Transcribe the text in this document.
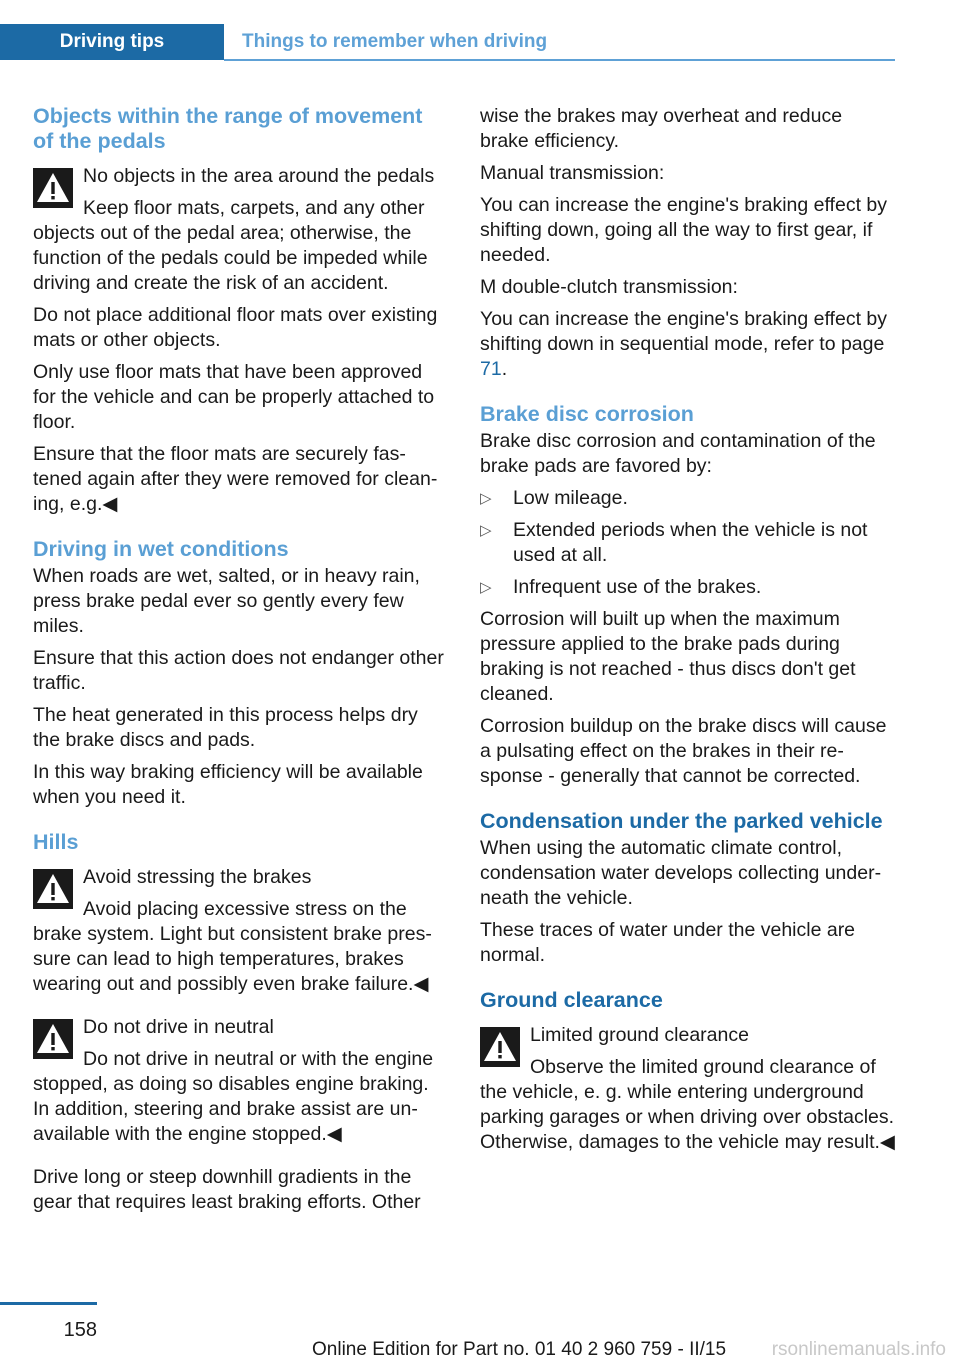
Driving tips	Things to remember when driving
Objects within the range of movement of the pedals
No objects in the area around the pedals
Keep floor mats, carpets, and any other objects out of the pedal area; otherwise, the function of the pedals could be impeded while driving and create the risk of an accident.

Do not place additional floor mats over existing mats or other objects.

Only use floor mats that have been approved for the vehicle and can be properly attached to floor.

Ensure that the floor mats are securely fastened again after they were removed for cleaning, e.g.◀

Driving in wet conditions

When roads are wet, salted, or in heavy rain, press brake pedal ever so gently every few miles.

Ensure that this action does not endanger other traffic.

The heat generated in this process helps dry the brake discs and pads.

In this way braking efficiency will be available when you need it.

Hills
Avoid stressing the brakes
Avoid placing excessive stress on the brake system. Light but consistent brake pressure can lead to high temperatures, brakes wearing out and possibly even brake failure.◀
Do not drive in neutral
Do not drive in neutral or with the engine stopped, as doing so disables engine braking. In addition, steering and brake assist are unavailable with the engine stopped.◀

Drive long or steep downhill gradients in the gear that requires least braking efforts. Other

wise the brakes may overheat and reduce brake efficiency.

Manual transmission:

You can increase the engine's braking effect by shifting down, going all the way to first gear, if needed.

M double-clutch transmission:

You can increase the engine's braking effect by shifting down in sequential mode, refer to page 71.

Brake disc corrosion

Brake disc corrosion and contamination of the brake pads are favored by:

▷ Low mileage.
▷ Extended periods when the vehicle is not used at all.
▷ Infrequent use of the brakes.

Corrosion will built up when the maximum pressure applied to the brake pads during braking is not reached - thus discs don't get cleaned.

Corrosion buildup on the brake discs will cause a pulsating effect on the brakes in their response - generally that cannot be corrected.

Condensation under the parked vehicle

When using the automatic climate control, condensation water develops collecting underneath the vehicle.

These traces of water under the vehicle are normal.

Ground clearance
Limited ground clearance
Observe the limited ground clearance of the vehicle, e. g. while entering underground parking garages or when driving over obstacles. Otherwise, damages to the vehicle may result.◀
158
Online Edition for Part no. 01 40 2 960 759 - II/15 rsonlinemanuals.info
